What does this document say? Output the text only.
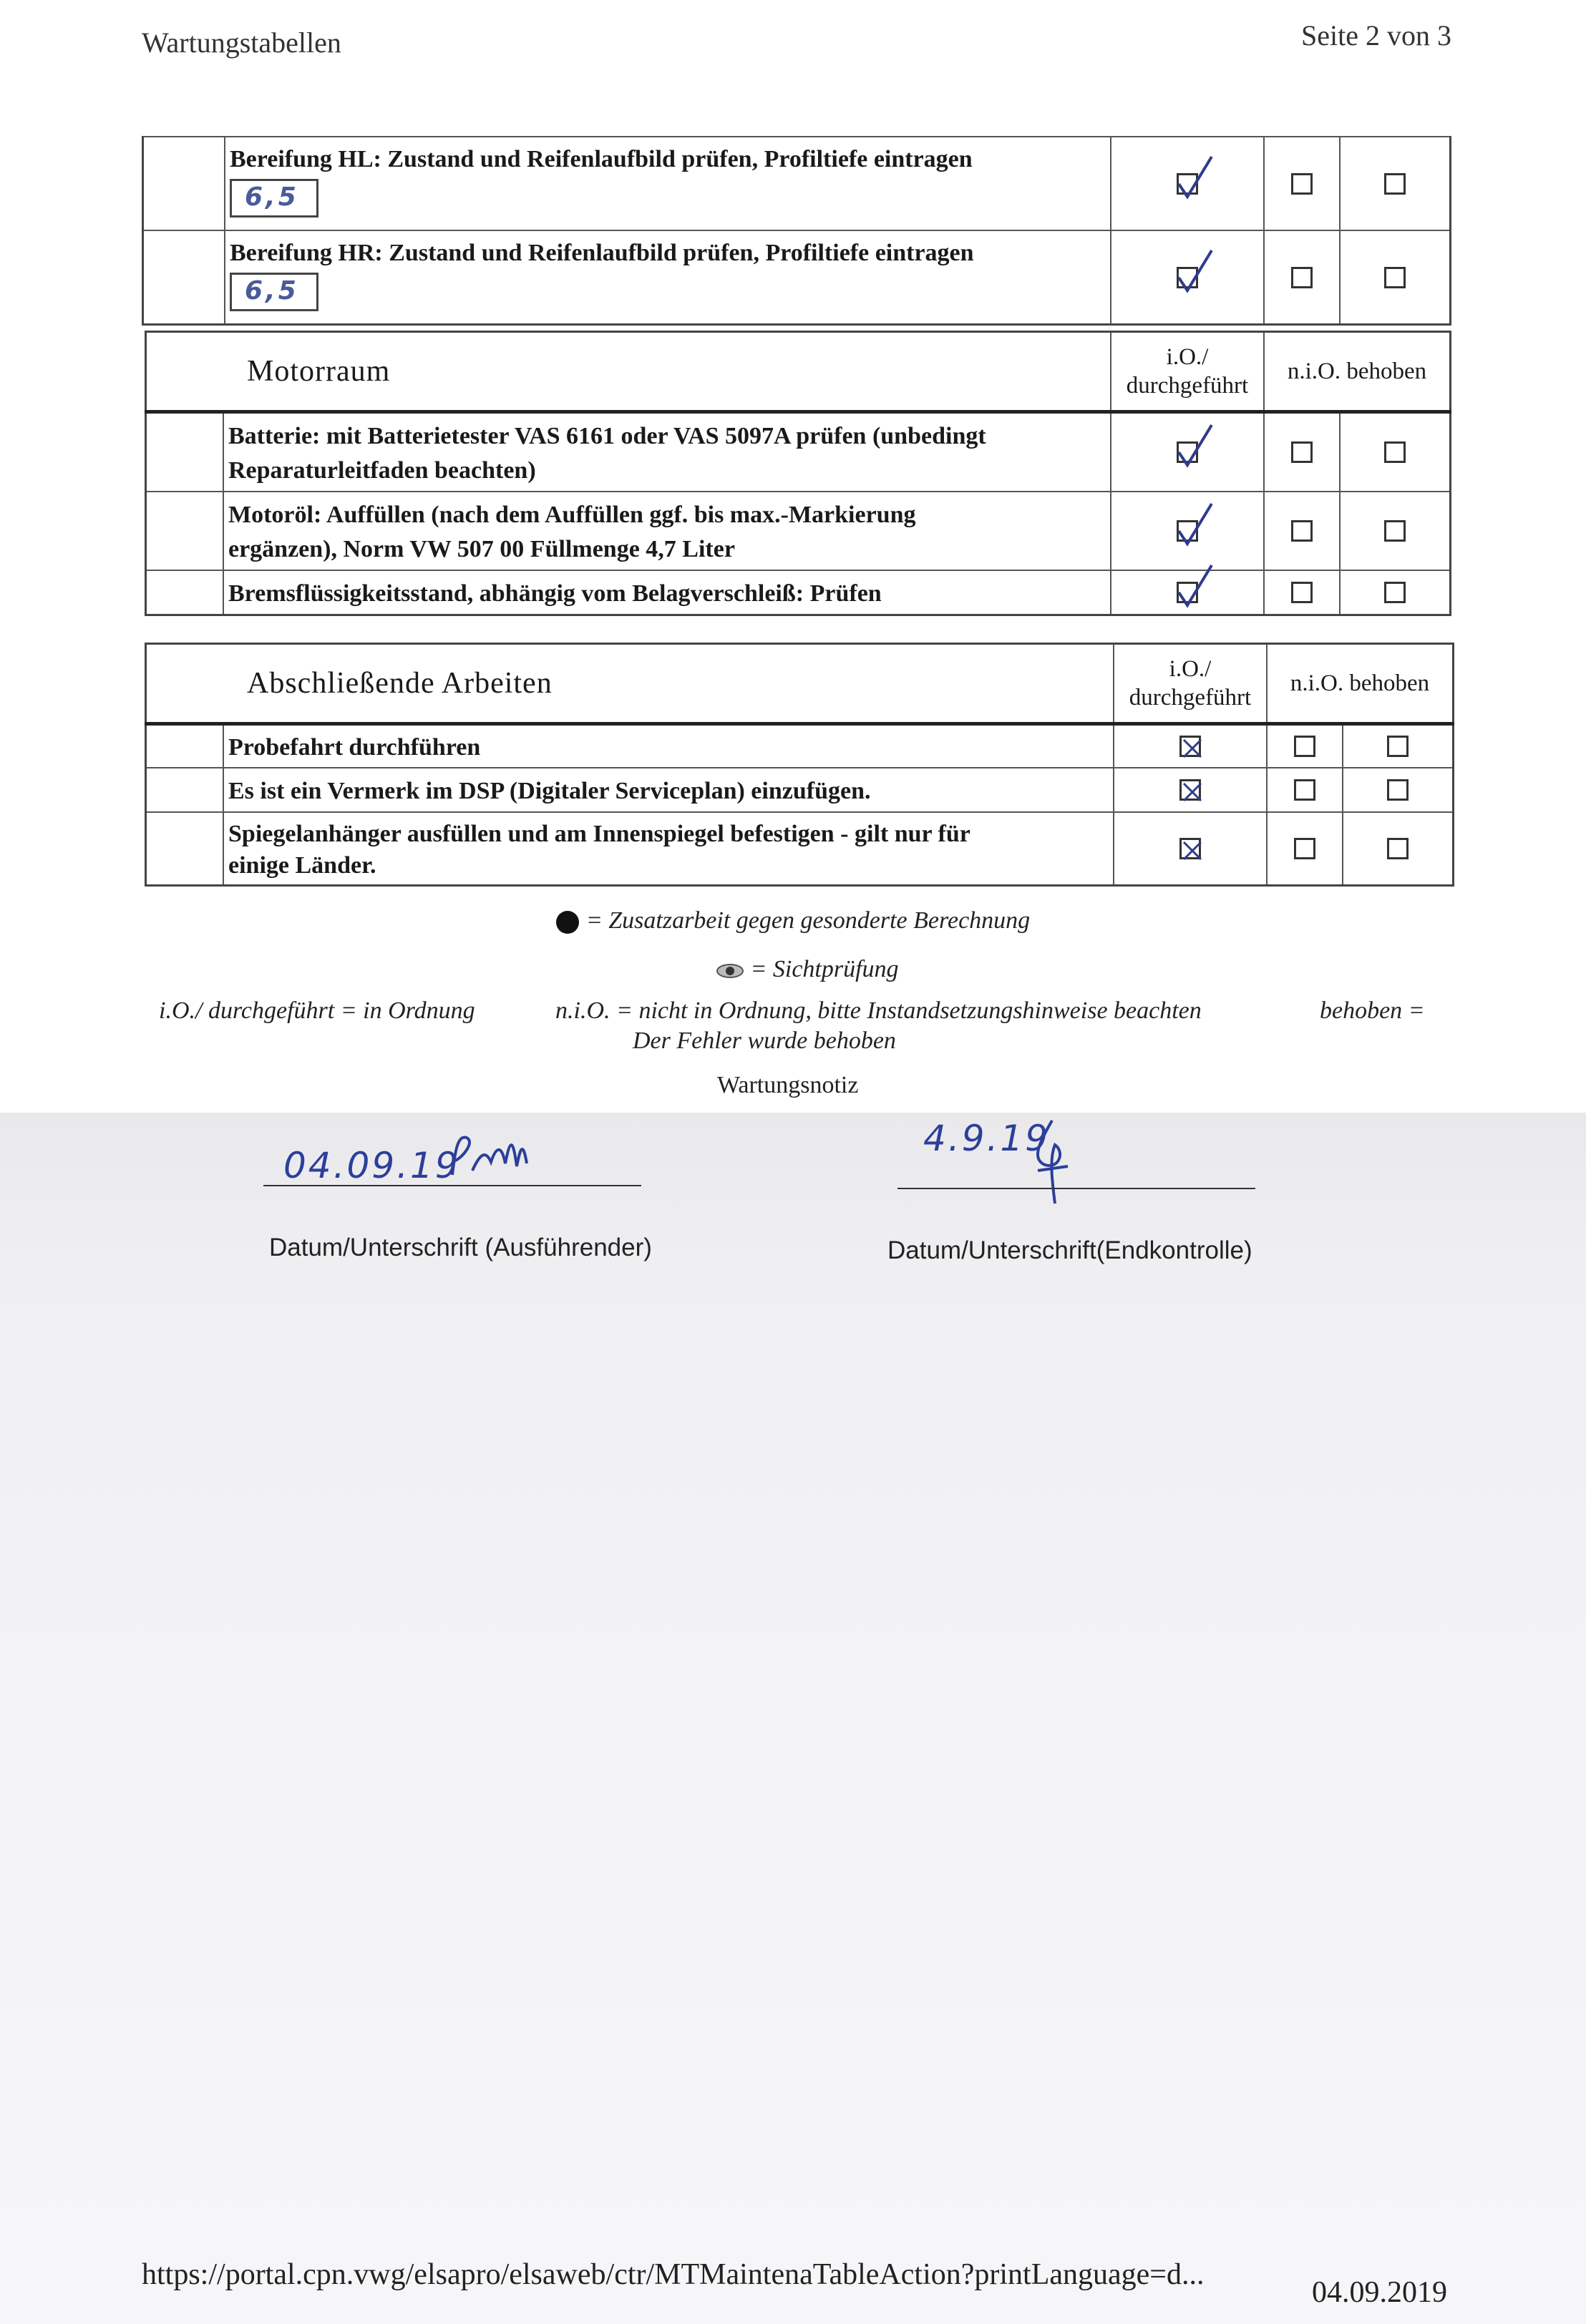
Wartungstabellen	Seite 2 von 3

	Bereifung HL: Zustand und Reifenlaufbild prüfen, Profiltiefe eintragen
6,5

	Bereifung HR: Zustand und Reifenlaufbild prüfen, Profiltiefe eintragen
6,5

Motorraum		i.O./ durchgeführt	n.i.O. behoben	

	Batterie: mit Batterietester VAS 6161 oder VAS 5097A prüfen (unbedingt
Reparaturleitfaden beachten)

	Motoröl: Auffüllen (nach dem Auffüllen ggf. bis max.-Markierung
ergänzen), Norm VW 507 00 Füllmenge 4,7 Liter

	Bremsflüssigkeitsstand, abhängig vom Belagverschleiß: Prüfen

Abschließende Arbeiten		i.O./ durchgeführt	n.i.O. behoben	

	Probefahrt durchführen

	Es ist ein Vermerk im DSP (Digitaler Serviceplan) einzufügen.

	Spiegelanhänger ausfüllen und am Innenspiegel befestigen - gilt nur für
einige Länder.

= Zusatzarbeit gegen gesonderte Berechnung
= Sichtprüfung
i.O./ durchgeführt = in Ordnung	n.i.O. = nicht in Ordnung, bitte Instandsetzungshinweise beachten	behoben =
Der Fehler wurde behoben
Wartungsnotiz
04.09.19
Datum/Unterschrift (Ausführender)
4.9.19
Datum/Unterschrift(Endkontrolle)
https://portal.cpn.vwg/elsapro/elsaweb/ctr/MTMaintenaTableAction?printLanguage=d...
04.09.2019
